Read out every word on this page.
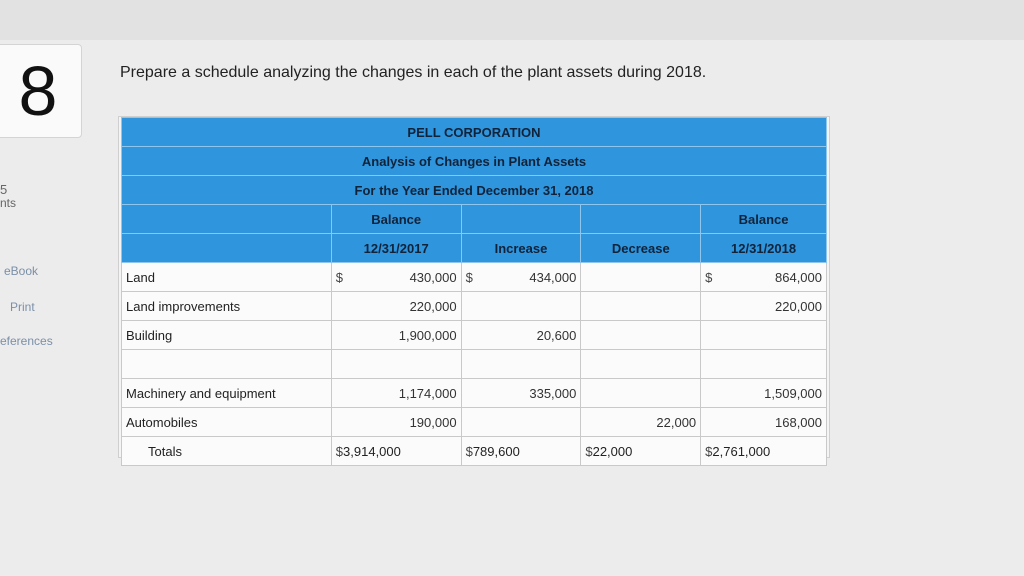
8
5
nts
eBook
Print
eferences
Prepare a schedule analyzing the changes in each of the plant assets during 2018.
PELL CORPORATION				
Analysis of Changes in Plant Assets				
For the Year Ended December 31, 2018				
	Balance			Balance
	12/31/2017	Increase	Decrease	12/31/2018
Land	$ 430,000	$ 434,000		$ 864,000
Land improvements	220,000			220,000
Building	1,900,000	20,600	

Machinery and equipment	1,174,000	335,000		1,509,000
Automobiles	190,000		22,000	168,000
Totals	$ 3,914,000	$ 789,600	$ 22,000	$ 2,761,000
